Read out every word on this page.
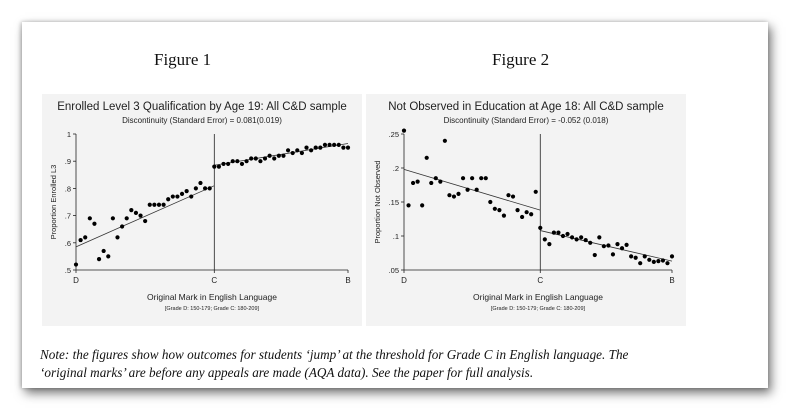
Figure 1	Figure 2
Enrolled Level 3 Qualification by Age 19: All C&D sample
Discontinuity (Standard Error) = 0.081(0.019)
.5
.6
.7
.8
.9
1
D	C	B
Proportion Enrolled L3
Original Mark in English Language
[Grade D: 150-179; Grade C: 180-209]
Not Observed in Education at Age 18: All C&D sample
Discontinuity (Standard Error) = -0.052 (0.018)
.05
.1
.15
.2
.25
D	C	B
Proportion Not Observed
Original Mark in English Language
[Grade D: 150-179; Grade C: 180-209]
Note: the figures show how outcomes for students ‘jump’ at the threshold for Grade C in English language. The
‘original marks’ are before any appeals are made (AQA data). See the paper for full analysis.
